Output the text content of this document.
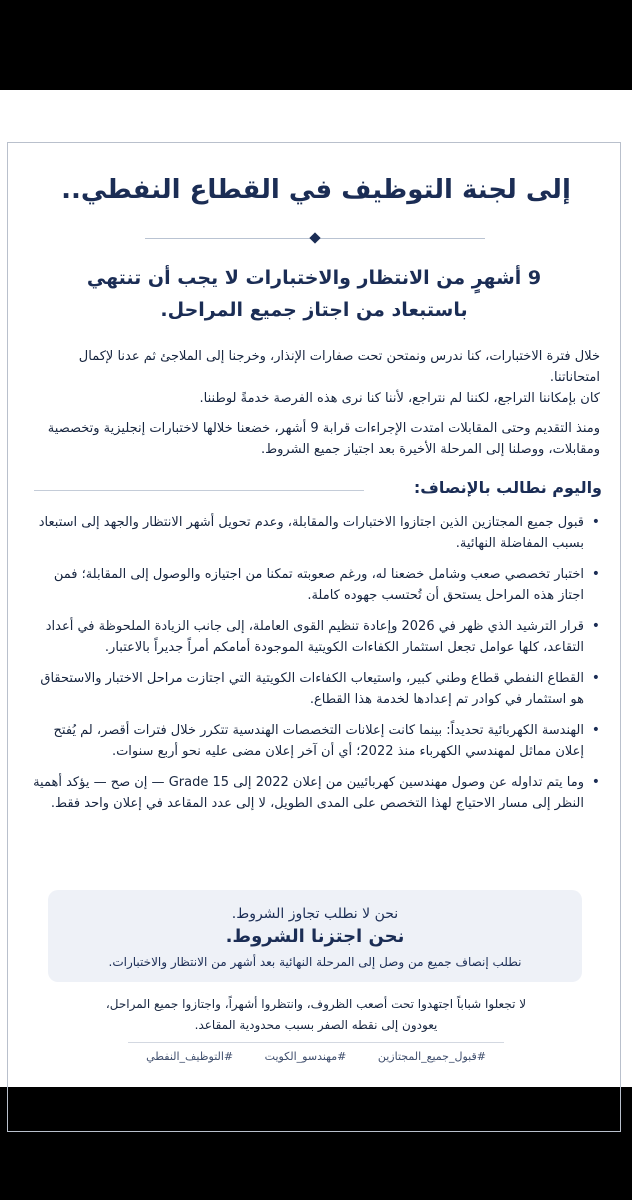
إلى لجنة التوظيف في القطاع النفطي..
9 أشهرٍ من الانتظار والاختبارات لا يجب أن تنتهي
باستبعاد من اجتاز جميع المراحل.
خلال فترة الاختبارات، كنا ندرس ونمتحن تحت صفارات الإنذار، وخرجنا إلى الملاجئ ثم عدنا لإكمال امتحاناتنا.
كان بإمكاننا التراجع، لكننا لم نتراجع، لأننا كنا نرى هذه الفرصة خدمةً لوطننا.
ومنذ التقديم وحتى المقابلات امتدت الإجراءات قرابة 9 أشهر، خضعنا خلالها لاختبارات إنجليزية وتخصصية ومقابلات، ووصلنا إلى المرحلة الأخيرة بعد اجتياز جميع الشروط.
واليوم نطالب بالإنصاف:
•
قبول جميع المجتازين الذين اجتازوا الاختبارات والمقابلة، وعدم تحويل أشهر الانتظار والجهد إلى استبعاد بسبب المفاضلة النهائية.
•
اختبار تخصصي صعب وشامل خضعنا له، ورغم صعوبته تمكنا من اجتيازه والوصول إلى المقابلة؛ فمن اجتاز هذه المراحل يستحق أن تُحتسب جهوده كاملة.
•
قرار الترشيد الذي ظهر في 2026 وإعادة تنظيم القوى العاملة، إلى جانب الزيادة الملحوظة في أعداد التقاعد، كلها عوامل تجعل استثمار الكفاءات الكويتية الموجودة أمامكم أمراً جديراً بالاعتبار.
•
القطاع النفطي قطاع وطني كبير، واستيعاب الكفاءات الكويتية التي اجتازت مراحل الاختبار والاستحقاق هو استثمار في كوادر تم إعدادها لخدمة هذا القطاع.
•
الهندسة الكهربائية تحديداً: بينما كانت إعلانات التخصصات الهندسية تتكرر خلال فترات أقصر، لم يُفتح إعلان مماثل لمهندسي الكهرباء منذ 2022؛ أي أن آخر إعلان مضى عليه نحو أربع سنوات.
•
وما يتم تداوله عن وصول مهندسين كهربائيين من إعلان 2022 إلى Grade 15 — إن صح — يؤكد أهمية النظر إلى مسار الاحتياج لهذا التخصص على المدى الطويل، لا إلى عدد المقاعد في إعلان واحد فقط.
نحن لا نطلب تجاوز الشروط.
نحن اجتزنا الشروط.
نطلب إنصاف جميع من وصل إلى المرحلة النهائية بعد أشهر من الانتظار والاختبارات.
لا تجعلوا شباباً اجتهدوا تحت أصعب الظروف، وانتظروا أشهراً، واجتازوا جميع المراحل،
يعودون إلى نقطه الصفر بسبب محدودية المقاعد.
#قبول_جميع_المجتازين #مهندسو_الكويت #التوظيف_النفطي
